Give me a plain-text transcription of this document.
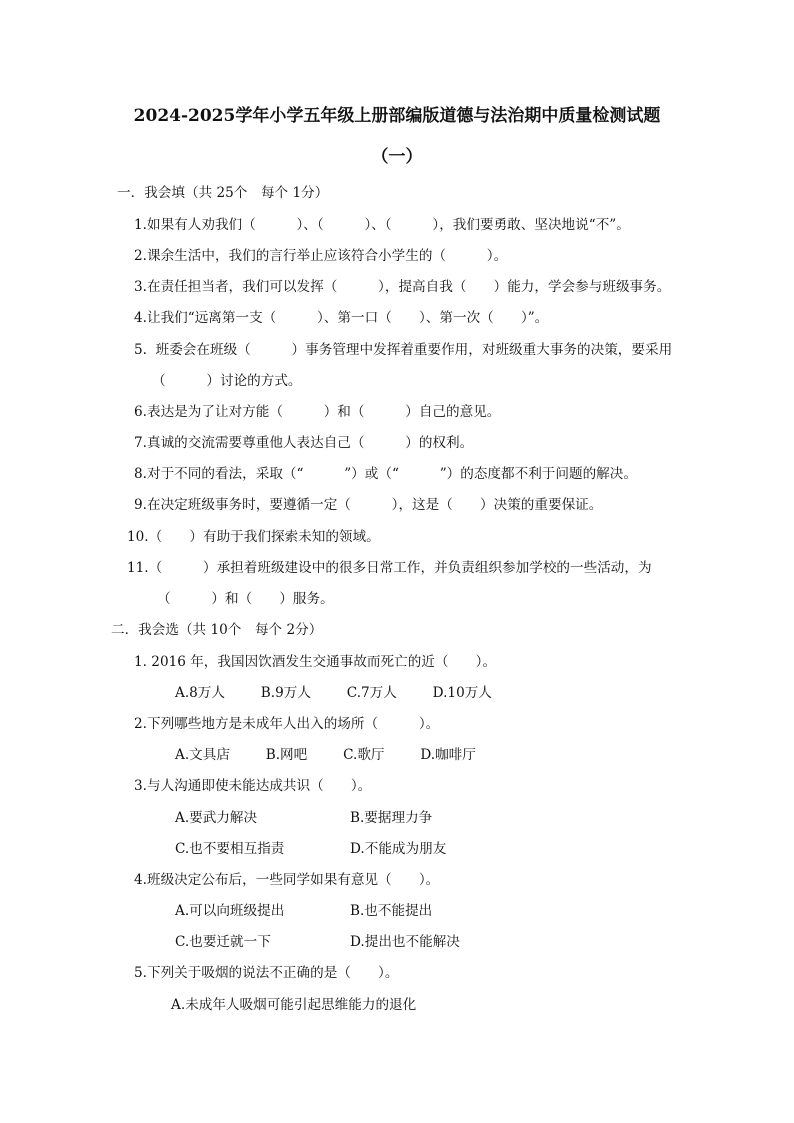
2024-2025学年小学五年级上册部编版道德与法治期中质量检测试题
（一）
一．我会填（共 25个　每个 1分）
1.如果有人劝我们（　　　）、（　　　）、（　　　），我们要勇敢、坚决地说“不”。
2.课余生活中，我们的言行举止应该符合小学生的（　　　）。
3.在责任担当者，我们可以发挥（　　　），提高自我（　　）能力，学会参与班级事务。
4.让我们“远离第一支（　　　）、第一口（　　）、第一次（　　）”。
5.  班委会在班级（　　　）事务管理中发挥着重要作用，对班级重大事务的决策，要采用
（　　　）讨论的方式。
6.表达是为了让对方能（　　　）和（　　　）自己的意见。
7.真诚的交流需要尊重他人表达自己（　　　）的权利。
8.对于不同的看法，采取（“　　　”）或（“　　　”）的态度都不利于问题的解决。
9.在决定班级事务时，要遵循一定（　　　），这是（　　）决策的重要保证。
10.（　　）有助于我们探索未知的领域。
11.（　　　）承担着班级建设中的很多日常工作，并负责组织参加学校的一些活动，为
（　　　）和（　　）服务。
二．我会选（共 10个　每个 2分）
1. 2016 年，我国因饮酒发生交通事故而死亡的近（　　）。
A.8万人　　  B.9万人　　  C.7万人　　  D.10万人
2.下列哪些地方是未成年人出入的场所（　　　）。
A.文具店　　  B.网吧　　  C.歌厅　　  D.咖啡厅
3.与人沟通即使未能达成共识（　　）。
A.要武力解决	B.要据理力争
C.也不要相互指责	D.不能成为朋友
4.班级决定公布后，一些同学如果有意见（　　）。
A.可以向班级提出	B.也不能提出
C.也要迁就一下	D.提出也不能解决
5.下列关于吸烟的说法不正确的是（　　）。
A.未成年人吸烟可能引起思维能力的退化
